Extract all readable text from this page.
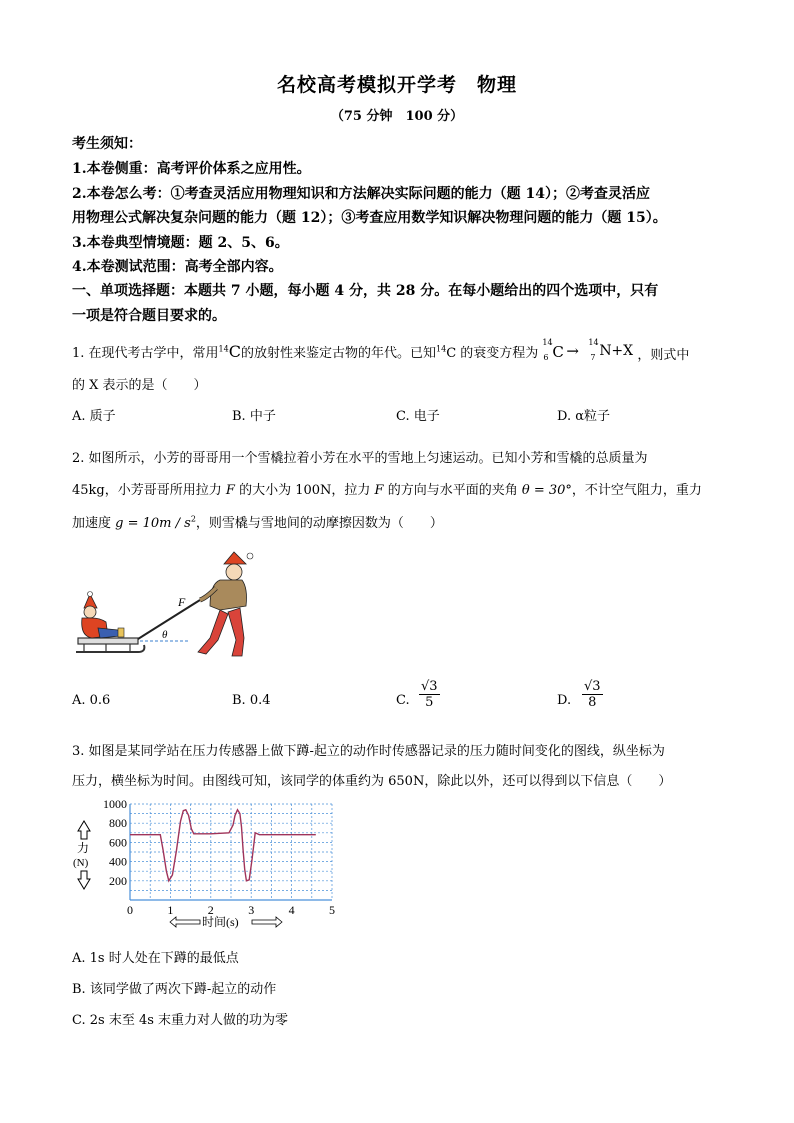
名校高考模拟开学考　物理
（75 分钟　100 分）
考生须知：
1.本卷侧重：高考评价体系之应用性。
2.本卷怎么考：①考查灵活应用物理知识和方法解决实际问题的能力（题 14）；②考查灵活应
用物理公式解决复杂问题的能力（题 12）；③考查应用数学知识解决物理问题的能力（题 15）。
3.本卷典型情境题：题 2、5、6。
4.本卷测试范围：高考全部内容。
一、单项选择题：本题共 7 小题，每小题 4 分，共 28 分。在每小题给出的四个选项中，只有
一项是符合题目要求的。
1. 在现代考古学中，常用$^{14}$C的放射性来鉴定古物的年代。已知$^{14}$C 的衰变方程为
14
6 C → 14
7 N +X ，则式中
的 X 表示的是（　　）
A. 质子	B. 中子	C. 电子	D. α粒子
2. 如图所示，小芳的哥哥用一个雪橇拉着小芳在水平的雪地上匀速运动。已知小芳和雪橇的总质量为
45kg，小芳哥哥所用拉力 F 的大小为 100N，拉力 F 的方向与水平面的夹角 θ = 30°，不计空气阻力，重力
加速度 $g = 10m / s^2$，则雪橇与雪地间的动摩擦因数为（　　）
F
θ
A. 0.6	B. 0.4	C. $\frac{√3}{5}$	D. $\frac{√3}{8}$
3. 如图是某同学站在压力传感器上做下蹲-起立的动作时传感器记录的压力随时间变化的图线，纵坐标为
压力，横坐标为时间。由图线可知，该同学的体重约为 650N，除此以外，还可以得到以下信息（　　）
200
400
600
800
1000
0	1	2	3	4	5
力
(N)
时间(s)
A. 1s 时人处在下蹲的最低点
B. 该同学做了两次下蹲-起立的动作
C. 2s 末至 4s 末重力对人做的功为零
